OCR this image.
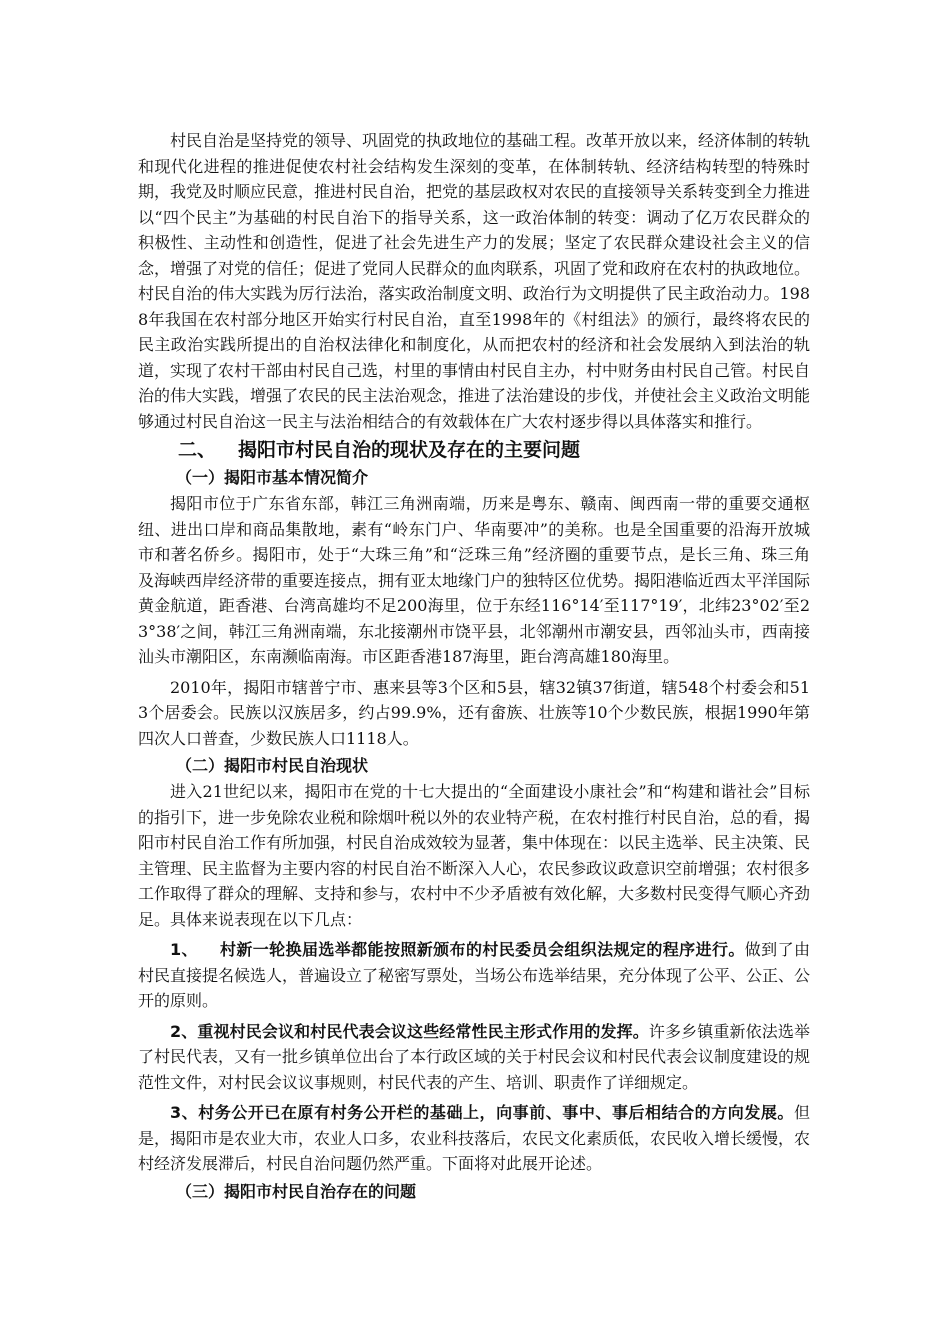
村民自治是坚持党的领导、巩固党的执政地位的基础工程。改革开放以来，经济体制的转轨和现代化进程的推进促使农村社会结构发生深刻的变革，在体制转轨、经济结构转型的特殊时期，我党及时顺应民意，推进村民自治，把党的基层政权对农民的直接领导关系转变到全力推进以“四个民主”为基础的村民自治下的指导关系，这一政治体制的转变：调动了亿万农民群众的积极性、主动性和创造性，促进了社会先进生产力的发展；坚定了农民群众建设社会主义的信念，增强了对党的信任；促进了党同人民群众的血肉联系，巩固了党和政府在农村的执政地位。村民自治的伟大实践为厉行法治，落实政治制度文明、政治行为文明提供了民主政治动力。1988年我国在农村部分地区开始实行村民自治，直至1998年的《村组法》的颁行，最终将农民的民主政治实践所提出的自治权法律化和制度化，从而把农村的经济和社会发展纳入到法治的轨道，实现了农村干部由村民自己选，村里的事情由村民自主办，村中财务由村民自己管。村民自治的伟大实践，增强了农民的民主法治观念，推进了法治建设的步伐，并使社会主义政治文明能够通过村民自治这一民主与法治相结合的有效载体在广大农村逐步得以具体落实和推行。

二、 揭阳市村民自治的现状及存在的主要问题
（一）揭阳市基本情况简介

揭阳市位于广东省东部，韩江三角洲南端，历来是粤东、赣南、闽西南一带的重要交通枢纽、进出口岸和商品集散地，素有“岭东门户、华南要冲”的美称。也是全国重要的沿海开放城市和著名侨乡。揭阳市，处于“大珠三角”和“泛珠三角”经济圈的重要节点，是长三角、珠三角及海峡西岸经济带的重要连接点，拥有亚太地缘门户的独特区位优势。揭阳港临近西太平洋国际黄金航道，距香港、台湾高雄均不足200海里，位于东经116°14′至117°19′，北纬23°02′至23°38′之间，韩江三角洲南端，东北接潮州市饶平县，北邻潮州市潮安县，西邻汕头市，西南接汕头市潮阳区，东南濒临南海。市区距香港187海里，距台湾高雄180海里。

2010年，揭阳市辖普宁市、惠来县等3个区和5县，辖32镇37街道，辖548个村委会和513个居委会。民族以汉族居多，约占99.9%，还有畲族、壮族等10个少数民族，根据1990年第四次人口普查，少数民族人口1118人。

（二）揭阳市村民自治现状

进入21世纪以来，揭阳市在党的十七大提出的“全面建设小康社会”和“构建和谐社会”目标的指引下，进一步免除农业税和除烟叶税以外的农业特产税，在农村推行村民自治，总的看，揭阳市村民自治工作有所加强，村民自治成效较为显著，集中体现在：以民主选举、民主决策、民主管理、民主监督为主要内容的村民自治不断深入人心，农民参政议政意识空前增强；农村很多工作取得了群众的理解、支持和参与，农村中不少矛盾被有效化解，大多数村民变得气顺心齐劲足。具体来说表现在以下几点：

1、 村新一轮换届选举都能按照新颁布的村民委员会组织法规定的程序进行。做到了由村民直接提名候选人，普遍设立了秘密写票处，当场公布选举结果，充分体现了公平、公正、公开的原则。

2、重视村民会议和村民代表会议这些经常性民主形式作用的发挥。许多乡镇重新依法选举了村民代表，又有一批乡镇单位出台了本行政区域的关于村民会议和村民代表会议制度建设的规范性文件，对村民会议议事规则，村民代表的产生、培训、职责作了详细规定。

3、村务公开已在原有村务公开栏的基础上，向事前、事中、事后相结合的方向发展。但是，揭阳市是农业大市，农业人口多，农业科技落后，农民文化素质低，农民收入增长缓慢，农村经济发展滞后，村民自治问题仍然严重。下面将对此展开论述。

（三）揭阳市村民自治存在的问题
